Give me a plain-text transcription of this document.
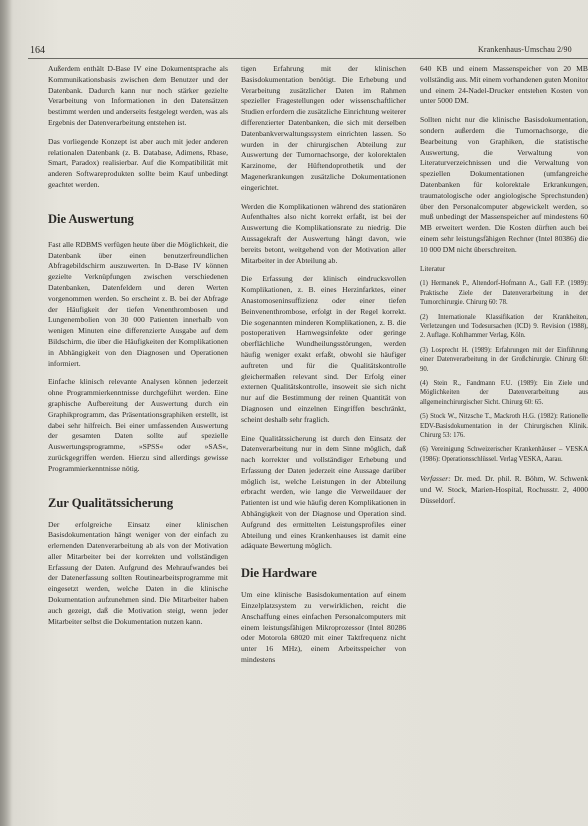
164	Krankenhaus-Umschau 2/90

Außerdem enthält D-Base IV eine Dokumentsprache als Kommunikationsbasis zwischen dem Benutzer und der Datenbank. Dadurch kann nur noch stärker gezielte Verarbeitung von Informationen in den Datensätzen bestimmt werden und anderseits festgelegt werden, was als Ergebnis der Datenverarbeitung entstehen ist.

Das vorliegende Konzept ist aber auch mit jeder anderen relationalen Datenbank (z. B. Database, Adimens, Rbase, Smart, Paradox) realisierbar. Auf die Kompatibilität mit anderen Softwareprodukten sollte beim Kauf unbedingt geachtet werden.

Die Auswertung

Fast alle RDBMS verfügen heute über die Möglichkeit, die Datenbank über einen benutzerfreundlichen Abfragebildschirm auszuwerten. In D-Base IV können gezielte Verknüpfungen zwischen verschiedenen Datenbanken, Datenfeldern und deren Werten vorgenommen werden. So erscheint z. B. bei der Abfrage der Häufigkeit der tiefen Venenthrombosen und Lungenembolien von 30 000 Patienten innerhalb von wenigen Minuten eine differenzierte Ausgabe auf dem Bildschirm, die über die Häufigkeiten der Komplikationen in Abhängigkeit von den Diagnosen und Operationen informiert.

Einfache klinisch relevante Analysen können jederzeit ohne Programmierkenntnisse durchgeführt werden. Eine graphische Aufbereitung der Auswertung durch ein Graphikprogramm, das Präsentationsgraphiken erstellt, ist dabei sehr hilfreich. Bei einer umfassenden Auswertung der gesamten Daten sollte auf spezielle Auswertungsprogramme, »SPSS« oder »SAS«, zurückgegriffen werden. Hierzu sind allerdings gewisse Programmierkenntnisse nötig.

Zur Qualitätssicherung

Der erfolgreiche Einsatz einer klinischen Basisdokumentation hängt weniger von der einfach zu erlernenden Datenverarbeitung ab als von der Motivation aller Mitarbeiter bei der korrekten und vollständigen Erfassung der Daten. Aufgrund des Mehraufwandes bei der Datenerfassung sollten Routinearbeitsprogramme mit eingesetzt werden, welche Daten in die klinische Dokumentation aufzunehmen sind. Die Mitarbeiter haben auch gezeigt, daß die Motivation steigt, wenn jeder Mitarbeiter selbst die Dokumentation nutzen kann.

tigen Erfahrung mit der klinischen Basisdokumentation benötigt. Die Erhebung und Verarbeitung zusätzlicher Daten im Rahmen spezieller Fragestellungen oder wissenschaftlicher Studien erfordern die zusätzliche Einrichtung weiterer differenzierter Datenbanken, die sich mit derselben Datenbankverwaltungssystem einrichten lassen. So wurden in der chirurgischen Abteilung zur Auswertung der Tumornachsorge, der kolorektalen Karzinome, der Hüftendoprothetik und der Magenerkrankungen zusätzliche Dokumentationen eingerichtet.

Werden die Komplikationen während des stationären Aufenthaltes also nicht korrekt erfaßt, ist bei der Auswertung die Komplikationsrate zu niedrig. Die Aussagekraft der Auswertung hängt davon, wie bereits betont, weitgehend von der Motivation aller Mitarbeiter in der Abteilung ab.

Die Erfassung der klinisch eindrucksvollen Komplikationen, z. B. eines Herzinfarktes, einer Anastomoseninsuffizienz oder einer tiefen Beinvenenthrombose, erfolgt in der Regel korrekt. Die sogenannten minderen Komplikationen, z. B. die postoperativen Harnwegsinfekte oder geringe oberflächliche Wundheilungsstörungen, werden häufig weniger exakt erfaßt, obwohl sie häufiger auftreten und für die Qualitätskontrolle gleichermaßen relevant sind. Der Erfolg einer externen Qualitätskontrolle, insoweit sie sich nicht nur auf die Bestimmung der reinen Quantität von Diagnosen und einzelnen Eingriffen beschränkt, scheint deshalb sehr fraglich.

Eine Qualitätssicherung ist durch den Einsatz der Datenverarbeitung nur in dem Sinne möglich, daß nach korrekter und vollständiger Erhebung und Erfassung der Daten jederzeit eine Aussage darüber möglich ist, welche Leistungen in der Abteilung erbracht werden, wie lange die Verweildauer der Patienten ist und wie häufig deren Komplikationen in Abhängigkeit von der Diagnose und Operation sind. Aufgrund des ermittelten Leistungsprofiles einer Abteilung und eines Krankenhauses ist damit eine adäquate Bewertung möglich.

Die Hardware

Um eine klinische Basisdokumentation auf einem Einzelplatzsystem zu verwirklichen, reicht die Anschaffung eines einfachen Personalcomputers mit einem leistungsfähigen Mikroprozessor (Intel 80286 oder Motorola 68020 mit einer Taktfrequenz nicht unter 16 MHz), einem Arbeitsspeicher von mindestens

640 KB und einem Massenspeicher von 20 MB vollständig aus. Mit einem vorhandenen guten Monitor und einem 24-Nadel-Drucker entstehen Kosten von unter 5000 DM.

Sollten nicht nur die klinische Basisdokumentation, sondern außerdem die Tumornachsorge, die Bearbeitung von Graphiken, die statistische Auswertung, die Verwaltung von Literaturverzeichnissen und die Verwaltung von speziellen Dokumentationen (umfangreiche Datenbanken für kolorektale Erkrankungen, traumatologische oder angiologische Sprechstunden) über den Personalcomputer abgewickelt werden, so muß unbedingt der Massenspeicher auf mindestens 60 MB erweitert werden. Die Kosten dürften auch bei einem sehr leistungsfähigen Rechner (Intel 80386) die 10 000 DM nicht überschreiten.

Literatur
(1) Hermanek P., Altendorf-Hofmann A., Gall F.P. (1989): Praktische Ziele der Datenverarbeitung in der Tumorchirurgie. Chirurg 60: 78.
(2) Internationale Klassifikation der Krankheiten, Verletzungen und Todesursachen (ICD) 9. Revision (1988), 2. Auflage. Kohlhammer Verlag, Köln.
(3) Losprecht H. (1989): Erfahrungen mit der Einführung einer Datenverarbeitung in der Großchirurgie. Chirurg 60: 90.
(4) Stein R., Fandmann F.U. (1989): Ein Ziele und Möglichkeiten der Datenverarbeitung aus allgemeinchirurgischer Sicht. Chirurg 60: 65.
(5) Stock W., Nitzsche T., Mackroth H.G. (1982): Rationelle EDV-Basisdokumentation in der Chirurgischen Klinik. Chirurg 53: 176.
(6) Vereinigung Schweizerischer Krankenhäuser – VESKA (1986): Operationsschlüssel. Verlag VESKA, Aarau.
Verfasser: Dr. med. Dr. phil. R. Böhm, W. Schwenk und W. Stock, Marien-Hospital, Rochusstr. 2, 4000 Düsseldorf.
